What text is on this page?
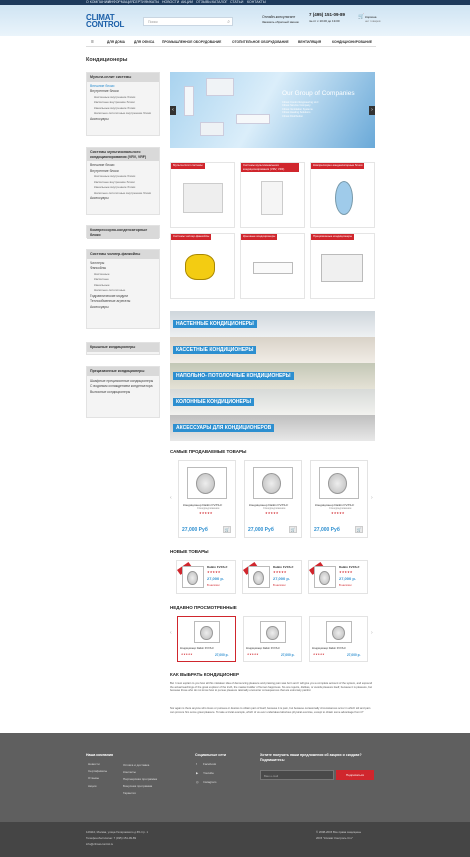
О КОМПАНИИ
ИНФОРМАЦИЯ СЕРТИФИКАТЫ НОВОСТИ АКЦИИ ОТЗЫВЫ КАТАЛОГ СТАТЬИ КОНТАКТЫ
CLIMAT
CONTROL	Поиск	⌕
Онлайн-консультант
Заказать обратный звонок
7 (495) 151-09-89
пн-пт с 10.00 до 19.00
🛒 Корзина
нет товаров
≡	ДЛЯ ДОМА	ДЛЯ ОФИСА ПРОМЫШЛЕННОЕ ОБОРУДОВАНИЕ	ОТОПИТЕЛЬНОЕ ОБОРУДОВАНИЕ	ВЕНТИЛЯЦИЯ	КОНДИЦИОНИРОВАНИЕ
Кондиционеры
Мульти-сплит системы
Внешние блоки
Внутренние блоки
Настенные внутренние блоки
Кассетные внутренние блоки
Канальные внутренние блоки
Напольно-потолочные внутренние блоки
Аксессуары
Системы мультизонального кондиционирования (VRV, VRF)
Внешние блоки
Внутренние блоки
Настенные внутренние блоки
Кассетные внутренние блоки
Канальные внутренние блоки
Напольно-потолочные внутренние блоки
Аксессуары
Компрессорно-конденсаторные блоки
Системы чиллер-фанкойлы
Чиллеры
Фанкойлы
Настенные
Кассетные
Канальные
Напольно-потолочные
Гидравлические модули
Теплообменные агрегаты
Аксессуары
Крышные кондиционеры
Прецизионные кондиционеры
Шкафные прецизионные кондиционеры
С водяным охлаждением конденсатора
Выносные кондиционеры
Our Group of Companies
Climat Control Engineering LLC
Climat Service Company
Climat Ventilation Systems
Climat Heating Solutions
Climat Distribution
‹	›
Мульти-сплит системы	Системы мультизонального кондиционирования (VRV, VRF)
Компрессорно-конденсаторные блоки
Системы чиллер-фанкойлы	Крышные кондиционеры	Прецизионные кондиционеры
НАСТЕННЫЕ КОНДИЦИОНЕРЫ
КАССЕТНЫЕ КОНДИЦИОНЕРЫ
НАПОЛЬНО- ПОТОЛОЧНЫЕ КОНДИЦИОНЕРЫ
КОЛОННЫЕ КОНДИЦИОНЕРЫ
АКСЕССУАРЫ ДЛЯ КОНДИЦИОНЕРОВ
САМЫЕ ПРОДАВАЕМЫЕ ТОВАРЫ
‹	›
Кондиционер Daikin FVXS-F
Спецпредложение
★★★★★
27,000 Руб	🛒
Кондиционер Daikin FVXS-F
Спецпредложение
★★★★★
27,000 Руб	🛒
Кондиционер Daikin FVXS-F
Спецпредложение
★★★★★
27,000 Руб	🛒
НОВЫЕ ТОВАРЫ
Daikin FVXS-F
★★★★★
27,000 р.
В наличии
Daikin FVXS-F
★★★★★
27,000 р.
В наличии
Daikin FVXS-F
★★★★★
27,000 р.
В наличии
НЕДАВНО ПРОСМОТРЕННЫЕ
‹	›
Кондиционер Daikin FVXS-F
★★★★★	27,000 р.
Кондиционер Daikin FVXS-F
★★★★★	27,000 р.
Кондиционер Daikin FVXS-F
★★★★★	27,000 р.
КАК ВЫБРАТЬ КОНДИЦИОНЕР
But I must explain to you how all this mistaken idea of denouncing pleasure and praising pain was born and I will give you a complete account of the system, and expound the actual teachings of the great explorer of the truth, the master-builder of human happiness. No one rejects, dislikes, or avoids pleasure itself, because it is pleasure, but because those who do not know how to pursue pleasure rationally encounter consequences that are extremely painful.
Nor again is there anyone who loves or pursues or desires to obtain pain of itself, because it is pain, but because occasionally circumstances occur in which toil and pain can procure him some great pleasure. To take a trivial example, which of us ever undertakes laborious physical exercise, except to obtain some advantage from it?
Наша компания
Новости
Сертификаты
Отзывы
Акции
Оплата и доставка
Контакты
Партнерская программа
Бонусная программа
Гарантия
Социальные сети
f Facebook
▶ Youtube
◎ Instagram
Хотите получать наши предложения об акциях и скидках? Подпишитесь:
Ваш e-mail	Подписаться
129110, Москва, улица Гиляровского д.65 стр. 1
Телефон-бесплатно: 7 (495) 151-09-89
info@climat-control.ru
© 2008-2015 Все права защищены
2015 "Климат Контроль Сто"
